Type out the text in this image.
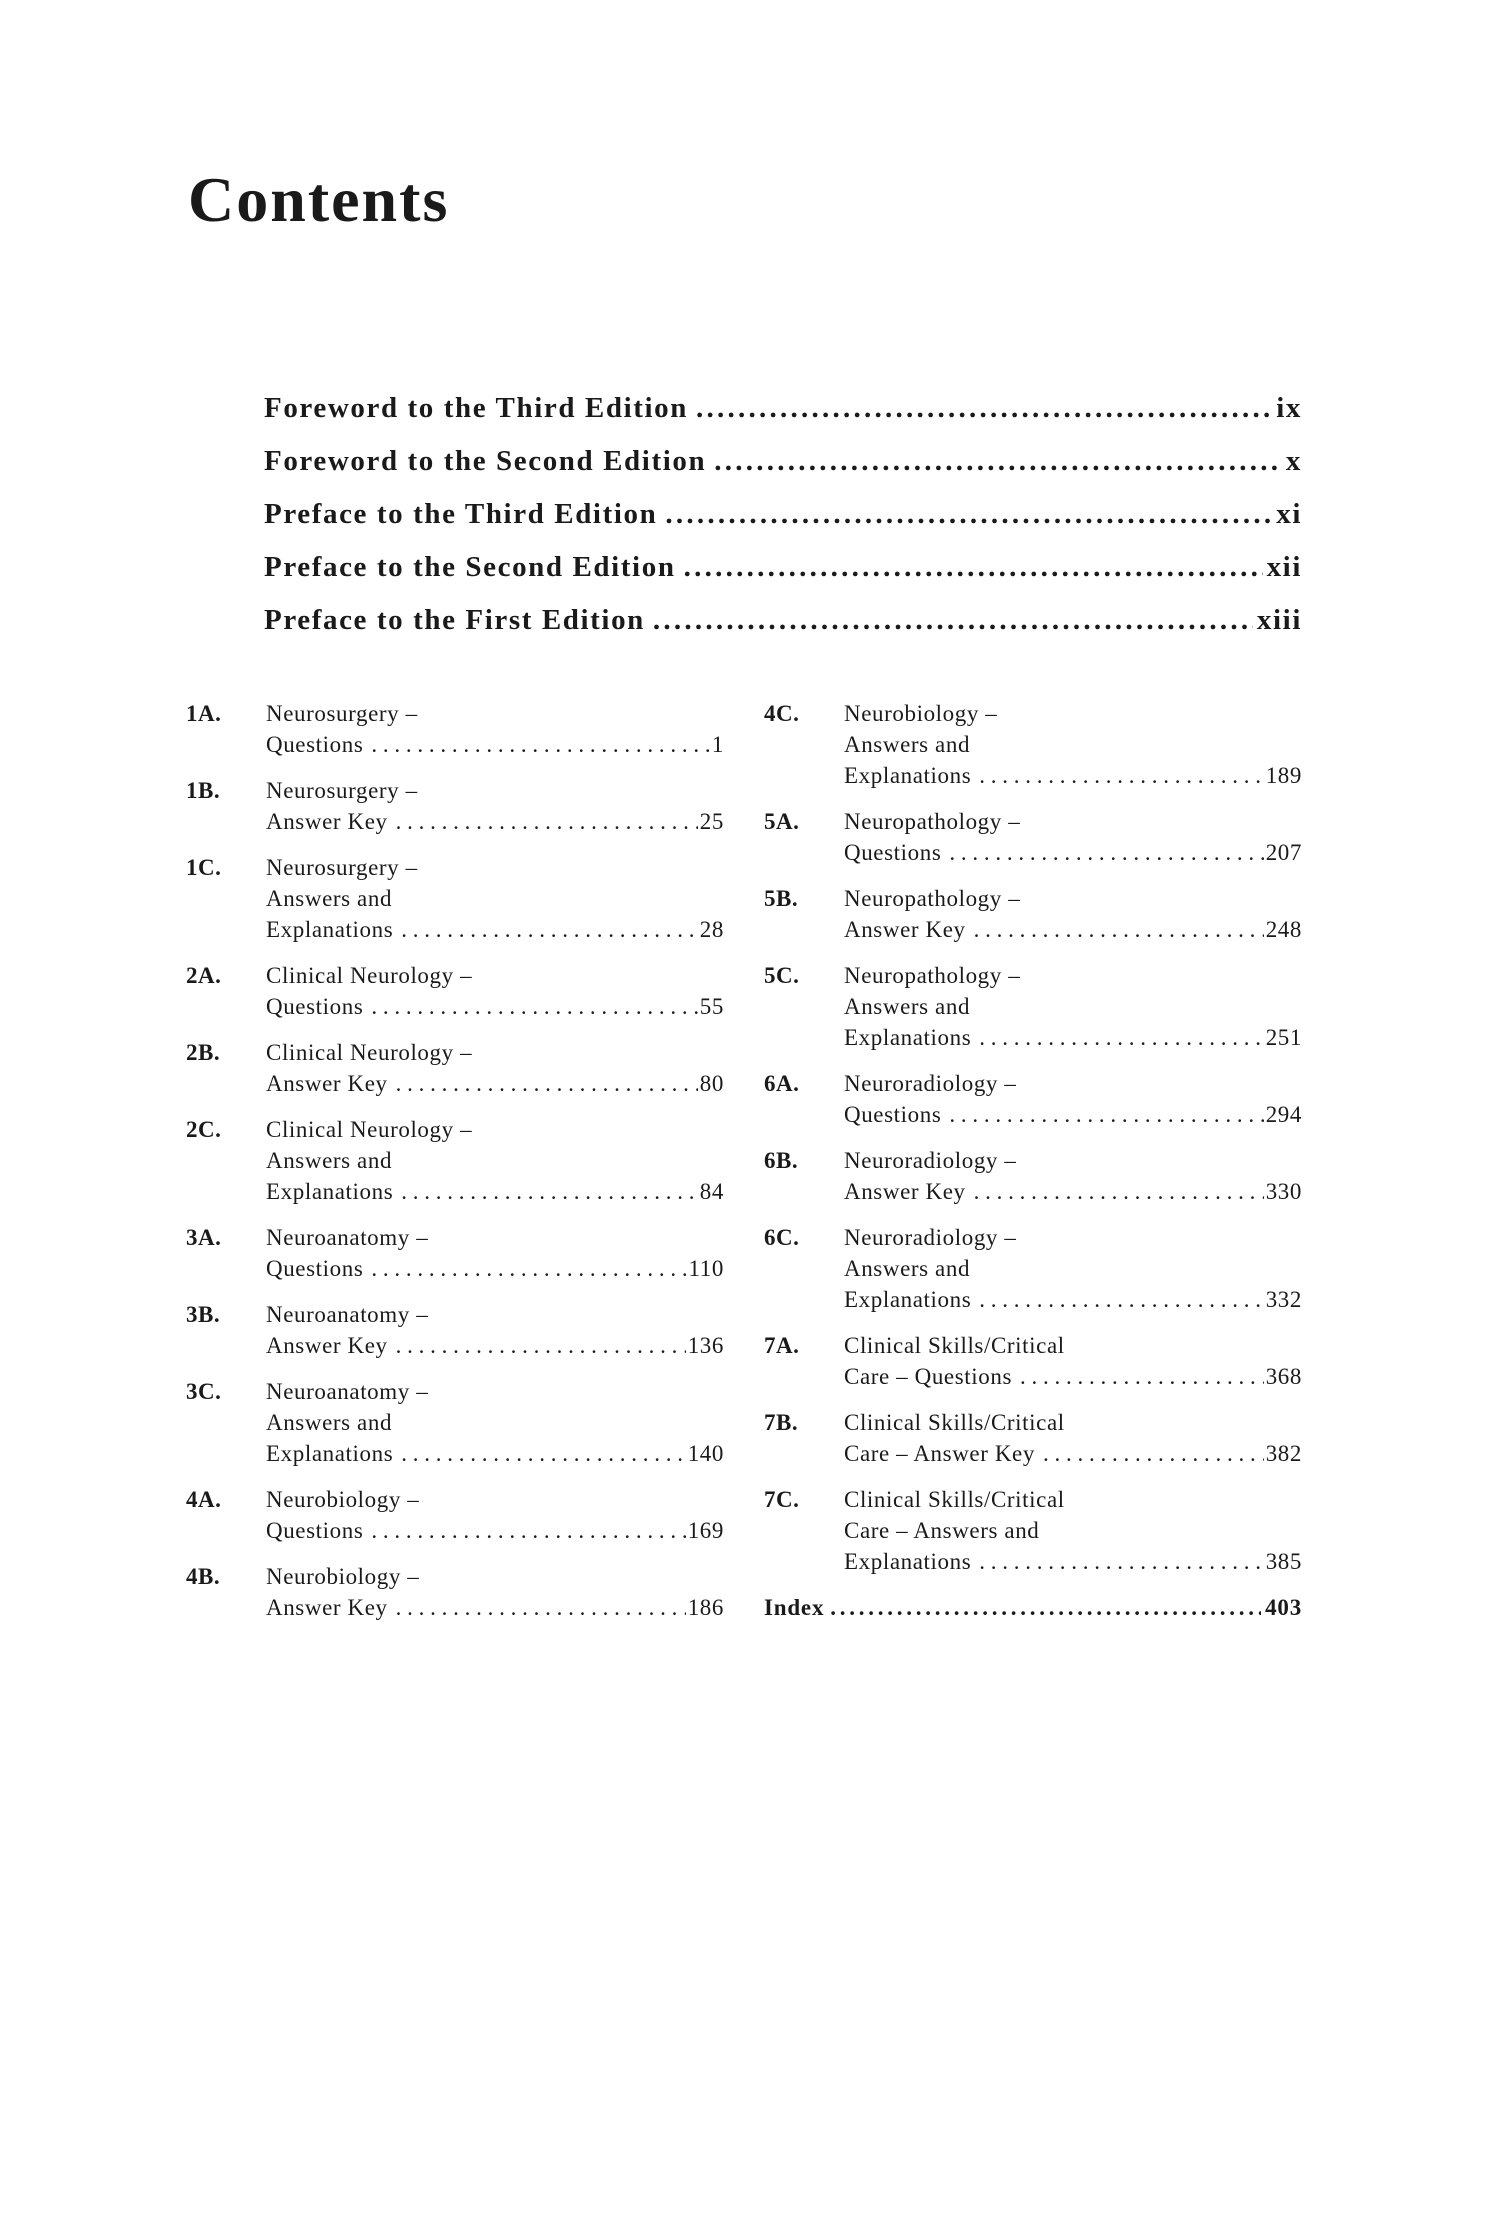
Contents
Foreword to the Third Edition . . .	ix
Foreword to the Second Edition . . .	x
Preface to the Third Edition . . .	xi
Preface to the Second Edition . . .	xii
Preface to the First Edition . . .	xiii
1A.	Neurosurgery –
Questions . . .	1
1B.	Neurosurgery –
Answer Key . . .	25
1C.	Neurosurgery –
Answers and
Explanations . . .	28
2A.	Clinical Neurology –
Questions . . .	55
2B.	Clinical Neurology –
Answer Key . . .	80
2C.	Clinical Neurology –
Answers and
Explanations . . .	84
3A.	Neuroanatomy –
Questions . . .	110
3B.	Neuroanatomy –
Answer Key . . .	136
3C.	Neuroanatomy –
Answers and
Explanations . . .	140
4A.	Neurobiology –
Questions . . .	169
4B.	Neurobiology –
Answer Key . . .	186
4C.	Neurobiology –
Answers and
Explanations . . .	189
5A.	Neuropathology –
Questions . . .	207
5B.	Neuropathology –
Answer Key . . .	248
5C.	Neuropathology –
Answers and
Explanations . . .	251
6A.	Neuroradiology –
Questions . . .	294
6B.	Neuroradiology –
Answer Key . . .	330
6C.	Neuroradiology –
Answers and
Explanations . . .	332
7A.	Clinical Skills/Critical
Care – Questions . . .	368
7B.	Clinical Skills/Critical
Care – Answer Key . . .	382
7C.	Clinical Skills/Critical
Care – Answers and
Explanations . . .	385
Index . . .	403
